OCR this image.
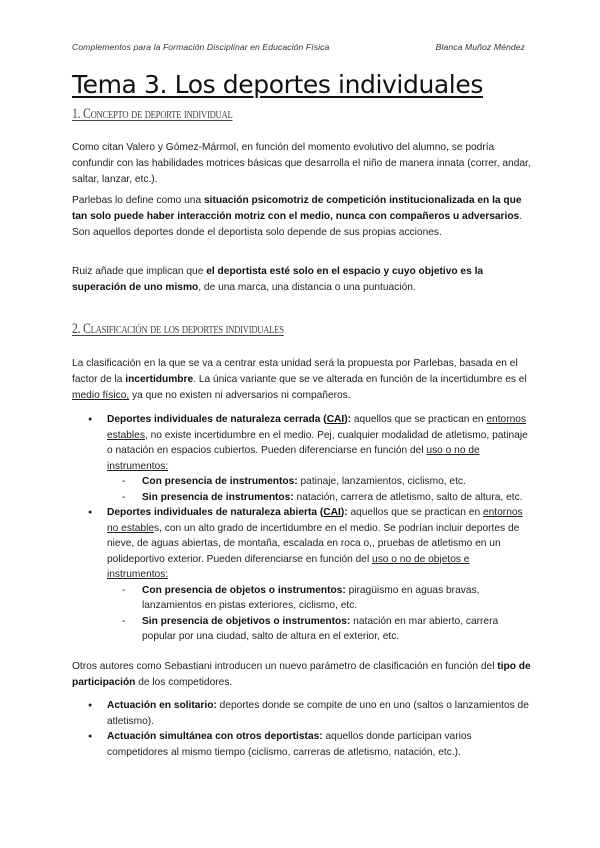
Complementos para la Formación Disciplinar en Educación Física	Blanca Muñoz Méndez
Tema 3. Los deportes individuales
1. Concepto de deporte individual

Como citan Valero y Gómez-Mármol, en función del momento evolutivo del alumno, se podría confundir con las habilidades motrices básicas que desarrolla el niño de manera innata (correr, andar, saltar, lanzar, etc.).

Parlebas lo define como una situación psicomotriz de competición institucionalizada en la que tan solo puede haber interacción motriz con el medio, nunca con compañeros u adversarios. Son aquellos deportes donde el deportista solo depende de sus propias acciones.

Ruiz añade que implican que el deportista esté solo en el espacio y cuyo objetivo es la superación de uno mismo, de una marca, una distancia o una puntuación.

2. Clasificación de los deportes individuales

La clasificación en la que se va a centrar esta unidad será la propuesta por Parlebas, basada en el factor de la incertidumbre. La única variante que se ve alterada en función de la incertidumbre es el medio físico, ya que no existen ni adversarios ni compañeros.

● Deportes individuales de naturaleza cerrada (CAI): aquellos que se practican en entornos estables, no existe incertidumbre en el medio. Pej, cualquier modalidad de atletismo, patinaje o natación en espacios cubiertos. Pueden diferenciarse en función del uso o no de instrumentos:
- Con presencia de instrumentos: patinaje, lanzamientos, ciclismo, etc.
- Sin presencia de instrumentos: natación, carrera de atletismo, salto de altura, etc.
● Deportes individuales de naturaleza abierta (CAI): aquellos que se practican en entornos no estables, con un alto grado de incertidumbre en el medio. Se podrían incluir deportes de nieve, de aguas abiertas, de montaña, escalada en roca o,, pruebas de atletismo en un polideportivo exterior. Pueden diferenciarse en función del uso o no de objetos e instrumentos:
- Con presencia de objetos o instrumentos: piragüismo en aguas bravas, lanzamientos en pistas exteriores, ciclismo, etc.
- Sin presencia de objetivos o instrumentos: natación en mar abierto, carrera popular por una ciudad, salto de altura en el exterior, etc.

Otros autores como Sebastiani introducen un nuevo parámetro de clasificación en función del tipo de participación de los competidores.

● Actuación en solitario: deportes donde se compite de uno en uno (saltos o lanzamientos de atletismo).
● Actuación simultánea con otros deportistas: aquellos donde participan varios competidores al mismo tiempo (ciclismo, carreras de atletismo, natación, etc.).
